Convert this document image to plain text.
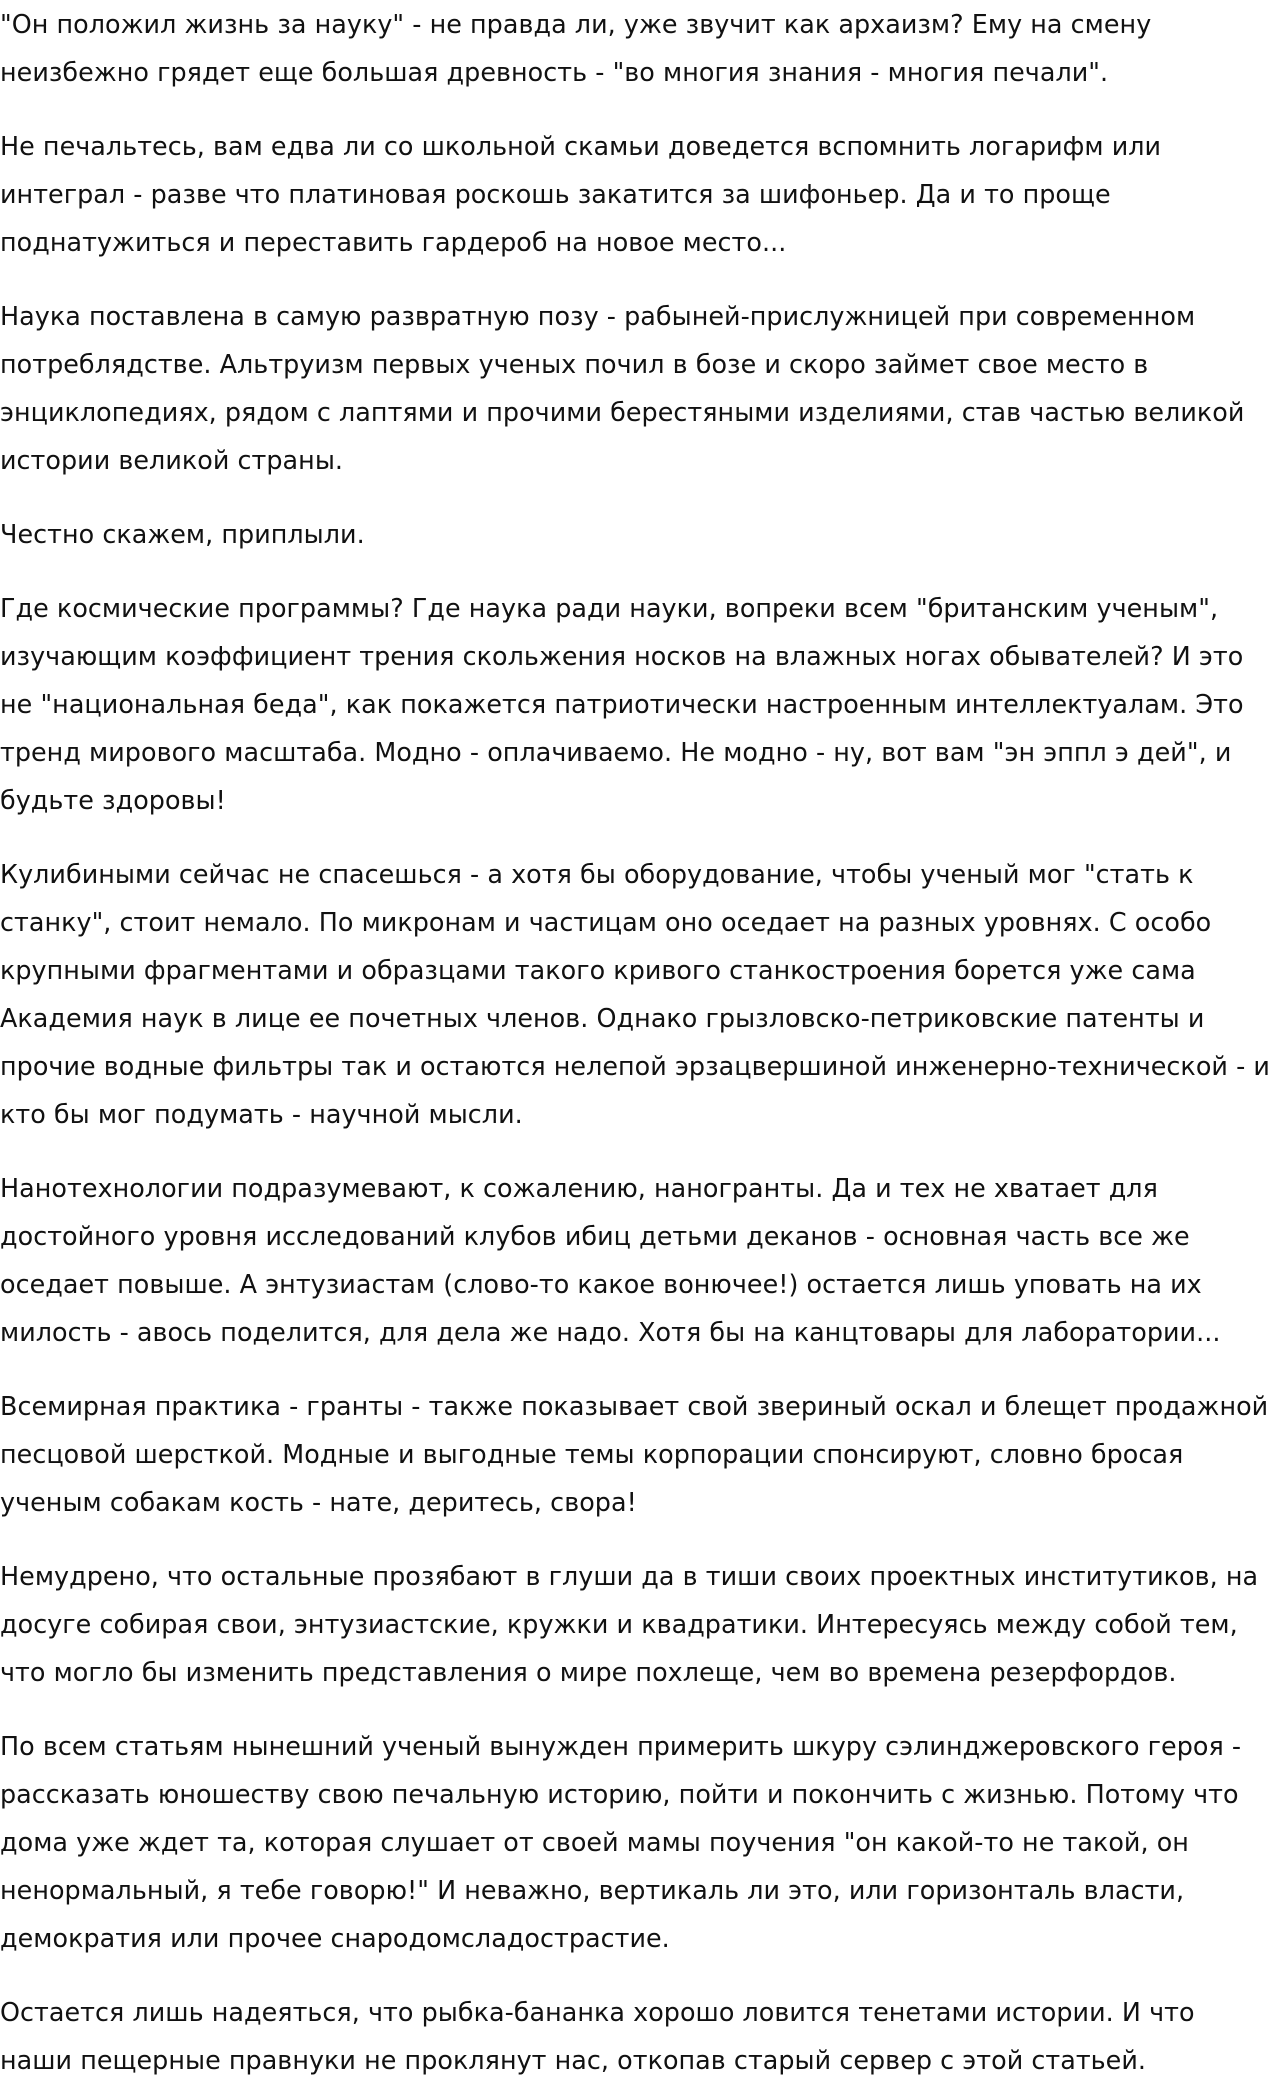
"Он положил жизнь за науку" - не правда ли, уже звучит как архаизм? Ему на смену неизбежно грядет еще большая древность - "во многия знания - многия печали".

Не печальтесь, вам едва ли со школьной скамьи доведется вспомнить логарифм или интеграл - разве что платиновая роскошь закатится за шифоньер. Да и то проще поднатужиться и переставить гардероб на новое место...

Наука поставлена в самую развратную позу - рабыней-прислужницей при современном потреблядстве. Альтруизм первых ученых почил в бозе и скоро займет свое место в энциклопедиях, рядом с лаптями и прочими берестяными изделиями, став частью великой истории великой страны.

Честно скажем, приплыли.

Где космические программы? Где наука ради науки, вопреки всем "британским ученым", изучающим коэффициент трения скольжения носков на влажных ногах обывателей? И это не "национальная беда", как покажется патриотически настроенным интеллектуалам. Это тренд мирового масштаба. Модно - оплачиваемо. Не модно - ну, вот вам "эн эппл э дей", и будьте здоровы!

Кулибиными сейчас не спасешься - а хотя бы оборудование, чтобы ученый мог "стать к станку", стоит немало. По микронам и частицам оно оседает на разных уровнях. С особо крупными фрагментами и образцами такого кривого станкостроения борется уже сама Академия наук в лице ее почетных членов. Однако грызловско-петриковские патенты и прочие водные фильтры так и остаются нелепой эрзацвершиной инженерно-технической - и кто бы мог подумать - научной мысли.

Нанотехнологии подразумевают, к сожалению, наногранты. Да и тех не хватает для достойного уровня исследований клубов ибиц детьми деканов - основная часть все же оседает повыше. А энтузиастам (слово-то какое вонючее!) остается лишь уповать на их милость - авось поделится, для дела же надо. Хотя бы на канцтовары для лаборатории...

Всемирная практика - гранты - также показывает свой звериный оскал и блещет продажной песцовой шерсткой. Модные и выгодные темы корпорации спонсируют, словно бросая ученым собакам кость - нате, деритесь, свора!

Немудрено, что остальные прозябают в глуши да в тиши своих проектных институтиков, на досуге собирая свои, энтузиастские, кружки и квадратики. Интересуясь между собой тем, что могло бы изменить представления о мире похлеще, чем во времена резерфордов.

По всем статьям нынешний ученый вынужден примерить шкуру сэлинджеровского героя - рассказать юношеству свою печальную историю, пойти и покончить с жизнью. Потому что дома уже ждет та, которая слушает от своей мамы поучения "он какой-то не такой, он ненормальный, я тебе говорю!" И неважно, вертикаль ли это, или горизонталь власти, демократия или прочее снародомсладострастие.

Остается лишь надеяться, что рыбка-бананка хорошо ловится тенетами истории. И что наши пещерные правнуки не проклянут нас, откопав старый сервер с этой статьей.
